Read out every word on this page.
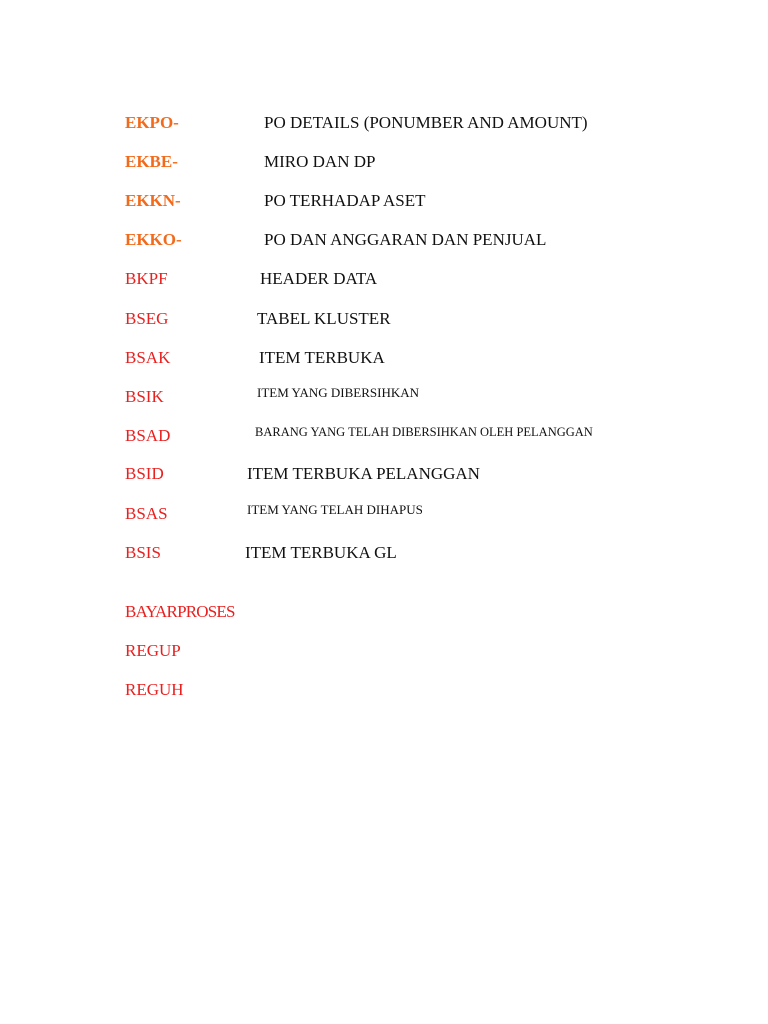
EKPO-	PO DETAILS (PONUMBER AND AMOUNT)
EKBE-	MIRO DAN DP
EKKN-	PO TERHADAP ASET
EKKO-	PO DAN ANGGARAN DAN PENJUAL
BKPF	HEADER DATA
BSEG	TABEL KLUSTER
BSAK	ITEM TERBUKA
BSIK	ITEM YANG DIBERSIHKAN
BSAD	BARANG YANG TELAH DIBERSIHKAN OLEH PELANGGAN
BSID	ITEM TERBUKA PELANGGAN
BSAS	ITEM YANG TELAH DIHAPUS
BSIS	ITEM TERBUKA GL
BAYARPROSES
REGUP
REGUH
